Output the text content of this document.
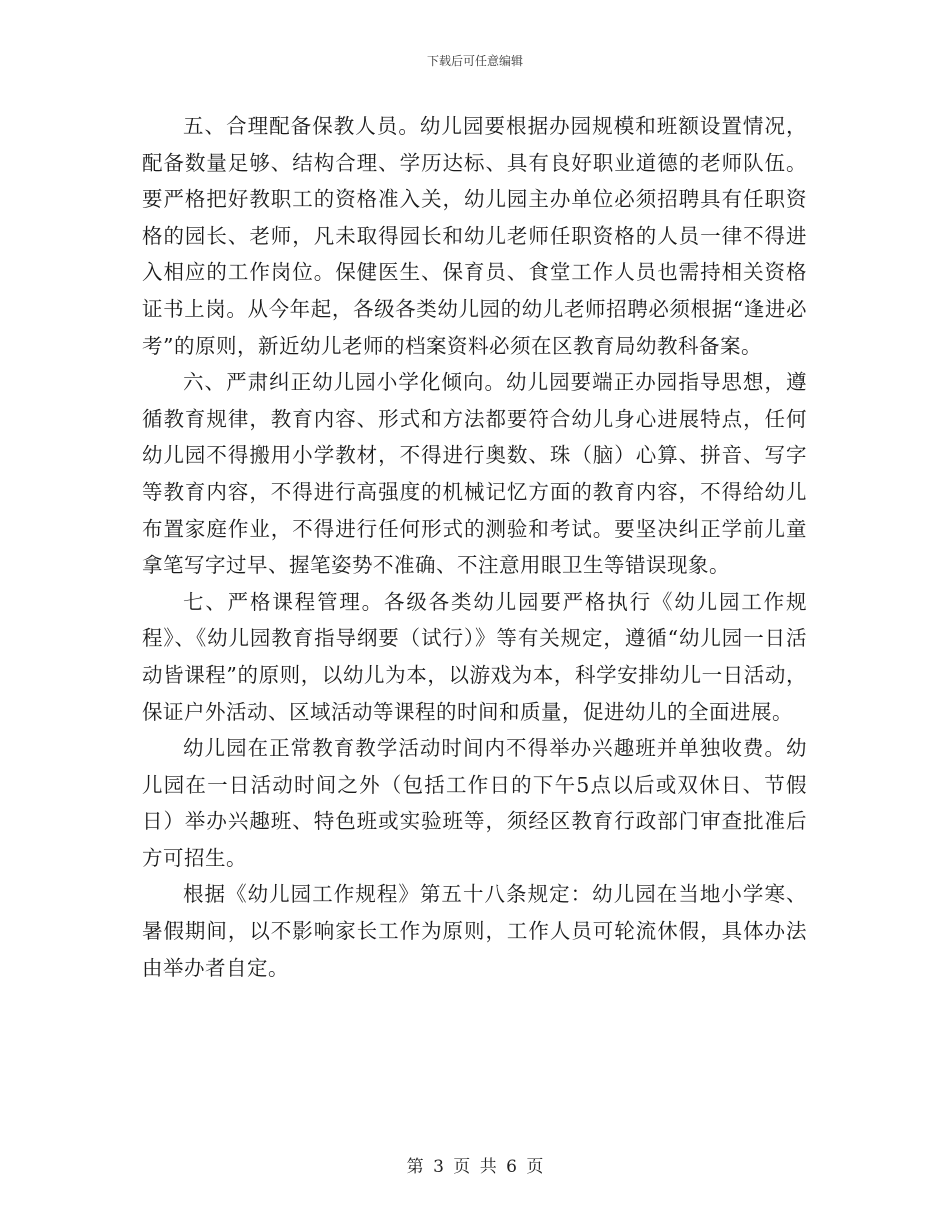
下载后可任意编辑

五、合理配备保教人员。幼儿园要根据办园规模和班额设置情况，配备数量足够、结构合理、学历达标、具有良好职业道德的老师队伍。要严格把好教职工的资格准入关，幼儿园主办单位必须招聘具有任职资格的园长、老师，凡未取得园长和幼儿老师任职资格的人员一律不得进入相应的工作岗位。保健医生、保育员、食堂工作人员也需持相关资格证书上岗。从今年起，各级各类幼儿园的幼儿老师招聘必须根据“逢进必考”的原则，新近幼儿老师的档案资料必须在区教育局幼教科备案。

六、严肃纠正幼儿园小学化倾向。幼儿园要端正办园指导思想，遵循教育规律，教育内容、形式和方法都要符合幼儿身心进展特点，任何幼儿园不得搬用小学教材，不得进行奥数、珠（脑）心算、拼音、写字等教育内容，不得进行高强度的机械记忆方面的教育内容，不得给幼儿布置家庭作业，不得进行任何形式的测验和考试。要坚决纠正学前儿童拿笔写字过早、握笔姿势不准确、不注意用眼卫生等错误现象。

七、严格课程管理。各级各类幼儿园要严格执行《幼儿园工作规程》、《幼儿园教育指导纲要（试行）》等有关规定，遵循“幼儿园一日活动皆课程”的原则，以幼儿为本，以游戏为本，科学安排幼儿一日活动，保证户外活动、区域活动等课程的时间和质量，促进幼儿的全面进展。

幼儿园在正常教育教学活动时间内不得举办兴趣班并单独收费。幼儿园在一日活动时间之外（包括工作日的下午5点以后或双休日、节假日）举办兴趣班、特色班或实验班等，须经区教育行政部门审查批准后方可招生。

根据《幼儿园工作规程》第五十八条规定：幼儿园在当地小学寒、暑假期间，以不影响家长工作为原则，工作人员可轮流休假，具体办法由举办者自定。

第 3 页 共 6 页
